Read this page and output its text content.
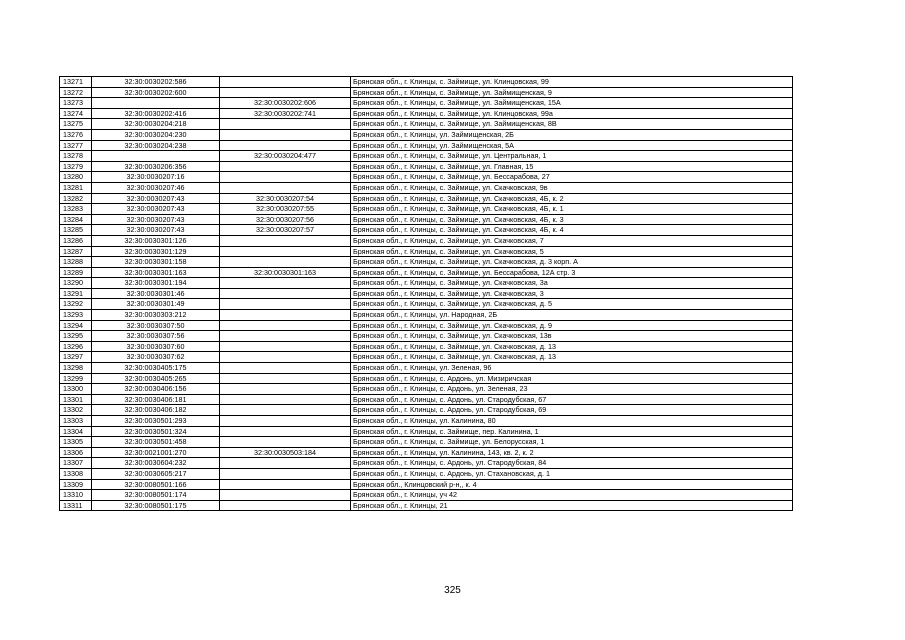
13271	32:30:0030202:586		Брянская обл., г. Клинцы, с. Займище, ул. Клинцовская, 99
13272	32:30:0030202:600		Брянская обл., г. Клинцы, с. Займище, ул. Займищенская, 9
13273		32:30:0030202:606	Брянская обл., г. Клинцы, с. Займище, ул. Займищенская, 15А
13274	32:30:0030202:416	32:30:0030202:741	Брянская обл., г. Клинцы, с. Займище, ул. Клинцовская, 99а
13275	32:30:0030204:218		Брянская обл., г. Клинцы, с. Займище, ул. Займищенская, 8В
13276	32:30:0030204:230		Брянская обл., г. Клинцы, ул. Займищенская, 2Б
13277	32:30:0030204:238		Брянская обл., г. Клинцы, ул. Займищенская, 5А
13278		32:30:0030204:477	Брянская обл., г. Клинцы, с. Займище, ул. Центральная, 1
13279	32:30:0030206:356		Брянская обл., г. Клинцы, с. Займище, ул. Главная, 15
13280	32:30:0030207:16		Брянская обл., г. Клинцы, с. Займище, ул. Бессарабова, 27
13281	32:30:0030207:46		Брянская обл., г. Клинцы, с. Займище, ул. Скачковская, 9в
13282	32:30:0030207:43	32:30:0030207:54	Брянская обл., г. Клинцы, с. Займище, ул. Скачковская, 4Б, к. 2
13283	32:30:0030207:43	32:30:0030207:55	Брянская обл., г. Клинцы, с. Займище, ул. Скачковская, 4Б, к. 1
13284	32:30:0030207:43	32:30:0030207:56	Брянская обл., г. Клинцы, с. Займище, ул. Скачковская, 4Б, к. 3
13285	32:30:0030207:43	32:30:0030207:57	Брянская обл., г. Клинцы, с. Займище, ул. Скачковская, 4Б, к. 4
13286	32:30:0030301:126		Брянская обл., г. Клинцы, с. Займище, ул. Скачковская, 7
13287	32:30:0030301:129		Брянская обл., г. Клинцы, с. Займище, ул. Скачковская, 5
13288	32:30:0030301:158		Брянская обл., г. Клинцы, с. Займище, ул. Скачковская, д. 3 корп. А
13289	32:30:0030301:163	32:30:0030301:163	Брянская обл., г. Клинцы, с. Займище, ул. Бессарабова, 12А стр. 3
13290	32:30:0030301:194		Брянская обл., г. Клинцы, с. Займище, ул. Скачковская, 3а
13291	32:30:0030301:46		Брянская обл., г. Клинцы, с. Займище, ул. Скачковская, 3
13292	32:30:0030301:49		Брянская обл., г. Клинцы, с. Займище, ул. Скачковская, д. 5
13293	32:30:0030303:212		Брянская обл., г. Клинцы, ул. Народная, 2Б
13294	32:30:0030307:50		Брянская обл., г. Клинцы, с. Займище, ул. Скачковская, д. 9
13295	32:30:0030307:56		Брянская обл., г. Клинцы, с. Займище, ул. Скачковская, 13в
13296	32:30:0030307:60		Брянская обл., г. Клинцы, с. Займище, ул. Скачковская, д. 13
13297	32:30:0030307:62		Брянская обл., г. Клинцы, с. Займище, ул. Скачковская, д. 13
13298	32:30:0030405:175		Брянская обл., г. Клинцы, ул. Зеленая, 96
13299	32:30:0030405:265		Брянская обл., г. Клинцы, с. Ардонь, ул. Мизиричская
13300	32:30:0030406:156		Брянская обл., г. Клинцы, с. Ардонь, ул. Зеленая, 23
13301	32:30:0030406:181		Брянская обл., г. Клинцы, с. Ардонь, ул. Стародубская, 67
13302	32:30:0030406:182		Брянская обл., г. Клинцы, с. Ардонь, ул. Стародубская, 69
13303	32:30:0030501:293		Брянская обл., г. Клинцы, ул. Калинина, 80
13304	32:30:0030501:324		Брянская обл., г. Клинцы, с. Займище, пер. Калинина, 1
13305	32:30:0030501:458		Брянская обл., г. Клинцы, с. Займище, ул. Белорусская, 1
13306	32:30:0021001:270	32:30:0030503:184	Брянская обл., г. Клинцы, ул. Калинина, 143, кв. 2, к. 2
13307	32:30:0030604:232		Брянская обл., г. Клинцы, с. Ардонь, ул. Стародубская, 84
13308	32:30:0030605:217		Брянская обл., г. Клинцы, с. Ардонь, ул. Стахановская, д. 1
13309	32:30:0080501:166		Брянская обл., Клинцовский р-н,, к. 4
13310	32:30:0080501:174		Брянская обл., г. Клинцы, уч 42
13311	32:30:0080501:175		Брянская обл., г. Клинцы, 21
325
